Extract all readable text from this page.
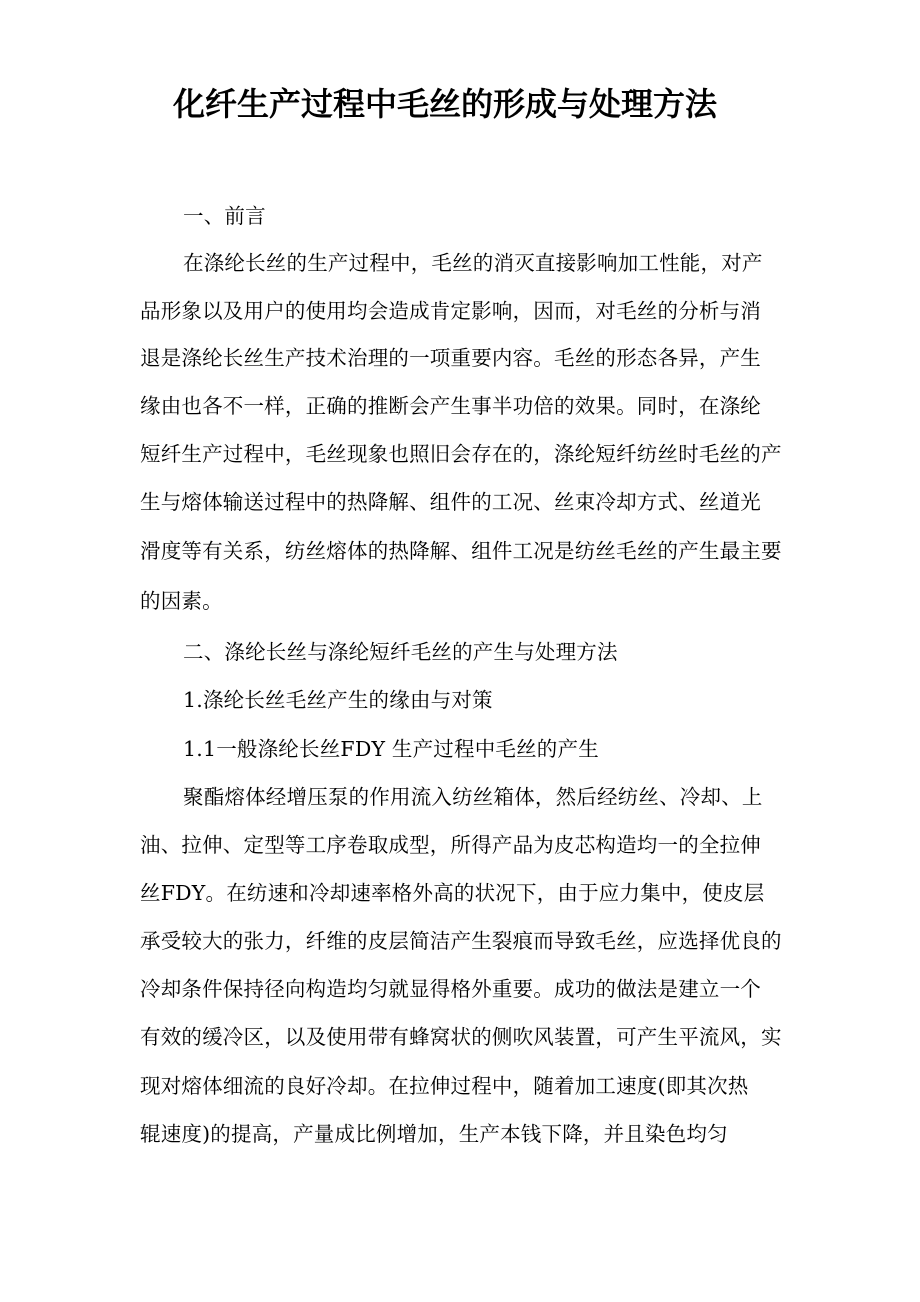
化纤生产过程中毛丝的形成与处理方法
一、前言
在涤纶长丝的生产过程中，毛丝的消灭直接影响加工性能，对产
品形象以及用户的使用均会造成肯定影响，因而，对毛丝的分析与消
退是涤纶长丝生产技术治理的一项重要内容。毛丝的形态各异，产生
缘由也各不一样，正确的推断会产生事半功倍的效果。同时，在涤纶
短纤生产过程中，毛丝现象也照旧会存在的，涤纶短纤纺丝时毛丝的产
生与熔体输送过程中的热降解、组件的工况、丝束冷却方式、丝道光
滑度等有关系，纺丝熔体的热降解、组件工况是纺丝毛丝的产生最主要
的因素。
二、涤纶长丝与涤纶短纤毛丝的产生与处理方法
1.涤纶长丝毛丝产生的缘由与对策
1.1一般涤纶长丝FDY 生产过程中毛丝的产生
聚酯熔体经增压泵的作用流入纺丝箱体，然后经纺丝、冷却、上
油、拉伸、定型等工序卷取成型，所得产品为皮芯构造均一的全拉伸
丝FDY。在纺速和冷却速率格外高的状况下，由于应力集中，使皮层
承受较大的张力，纤维的皮层简洁产生裂痕而导致毛丝，应选择优良的
冷却条件保持径向构造均匀就显得格外重要。成功的做法是建立一个
有效的缓冷区，以及使用带有蜂窝状的侧吹风装置，可产生平流风，实
现对熔体细流的良好冷却。在拉伸过程中，随着加工速度(即其次热
辊速度)的提高，产量成比例增加，生产本钱下降，并且染色均匀
